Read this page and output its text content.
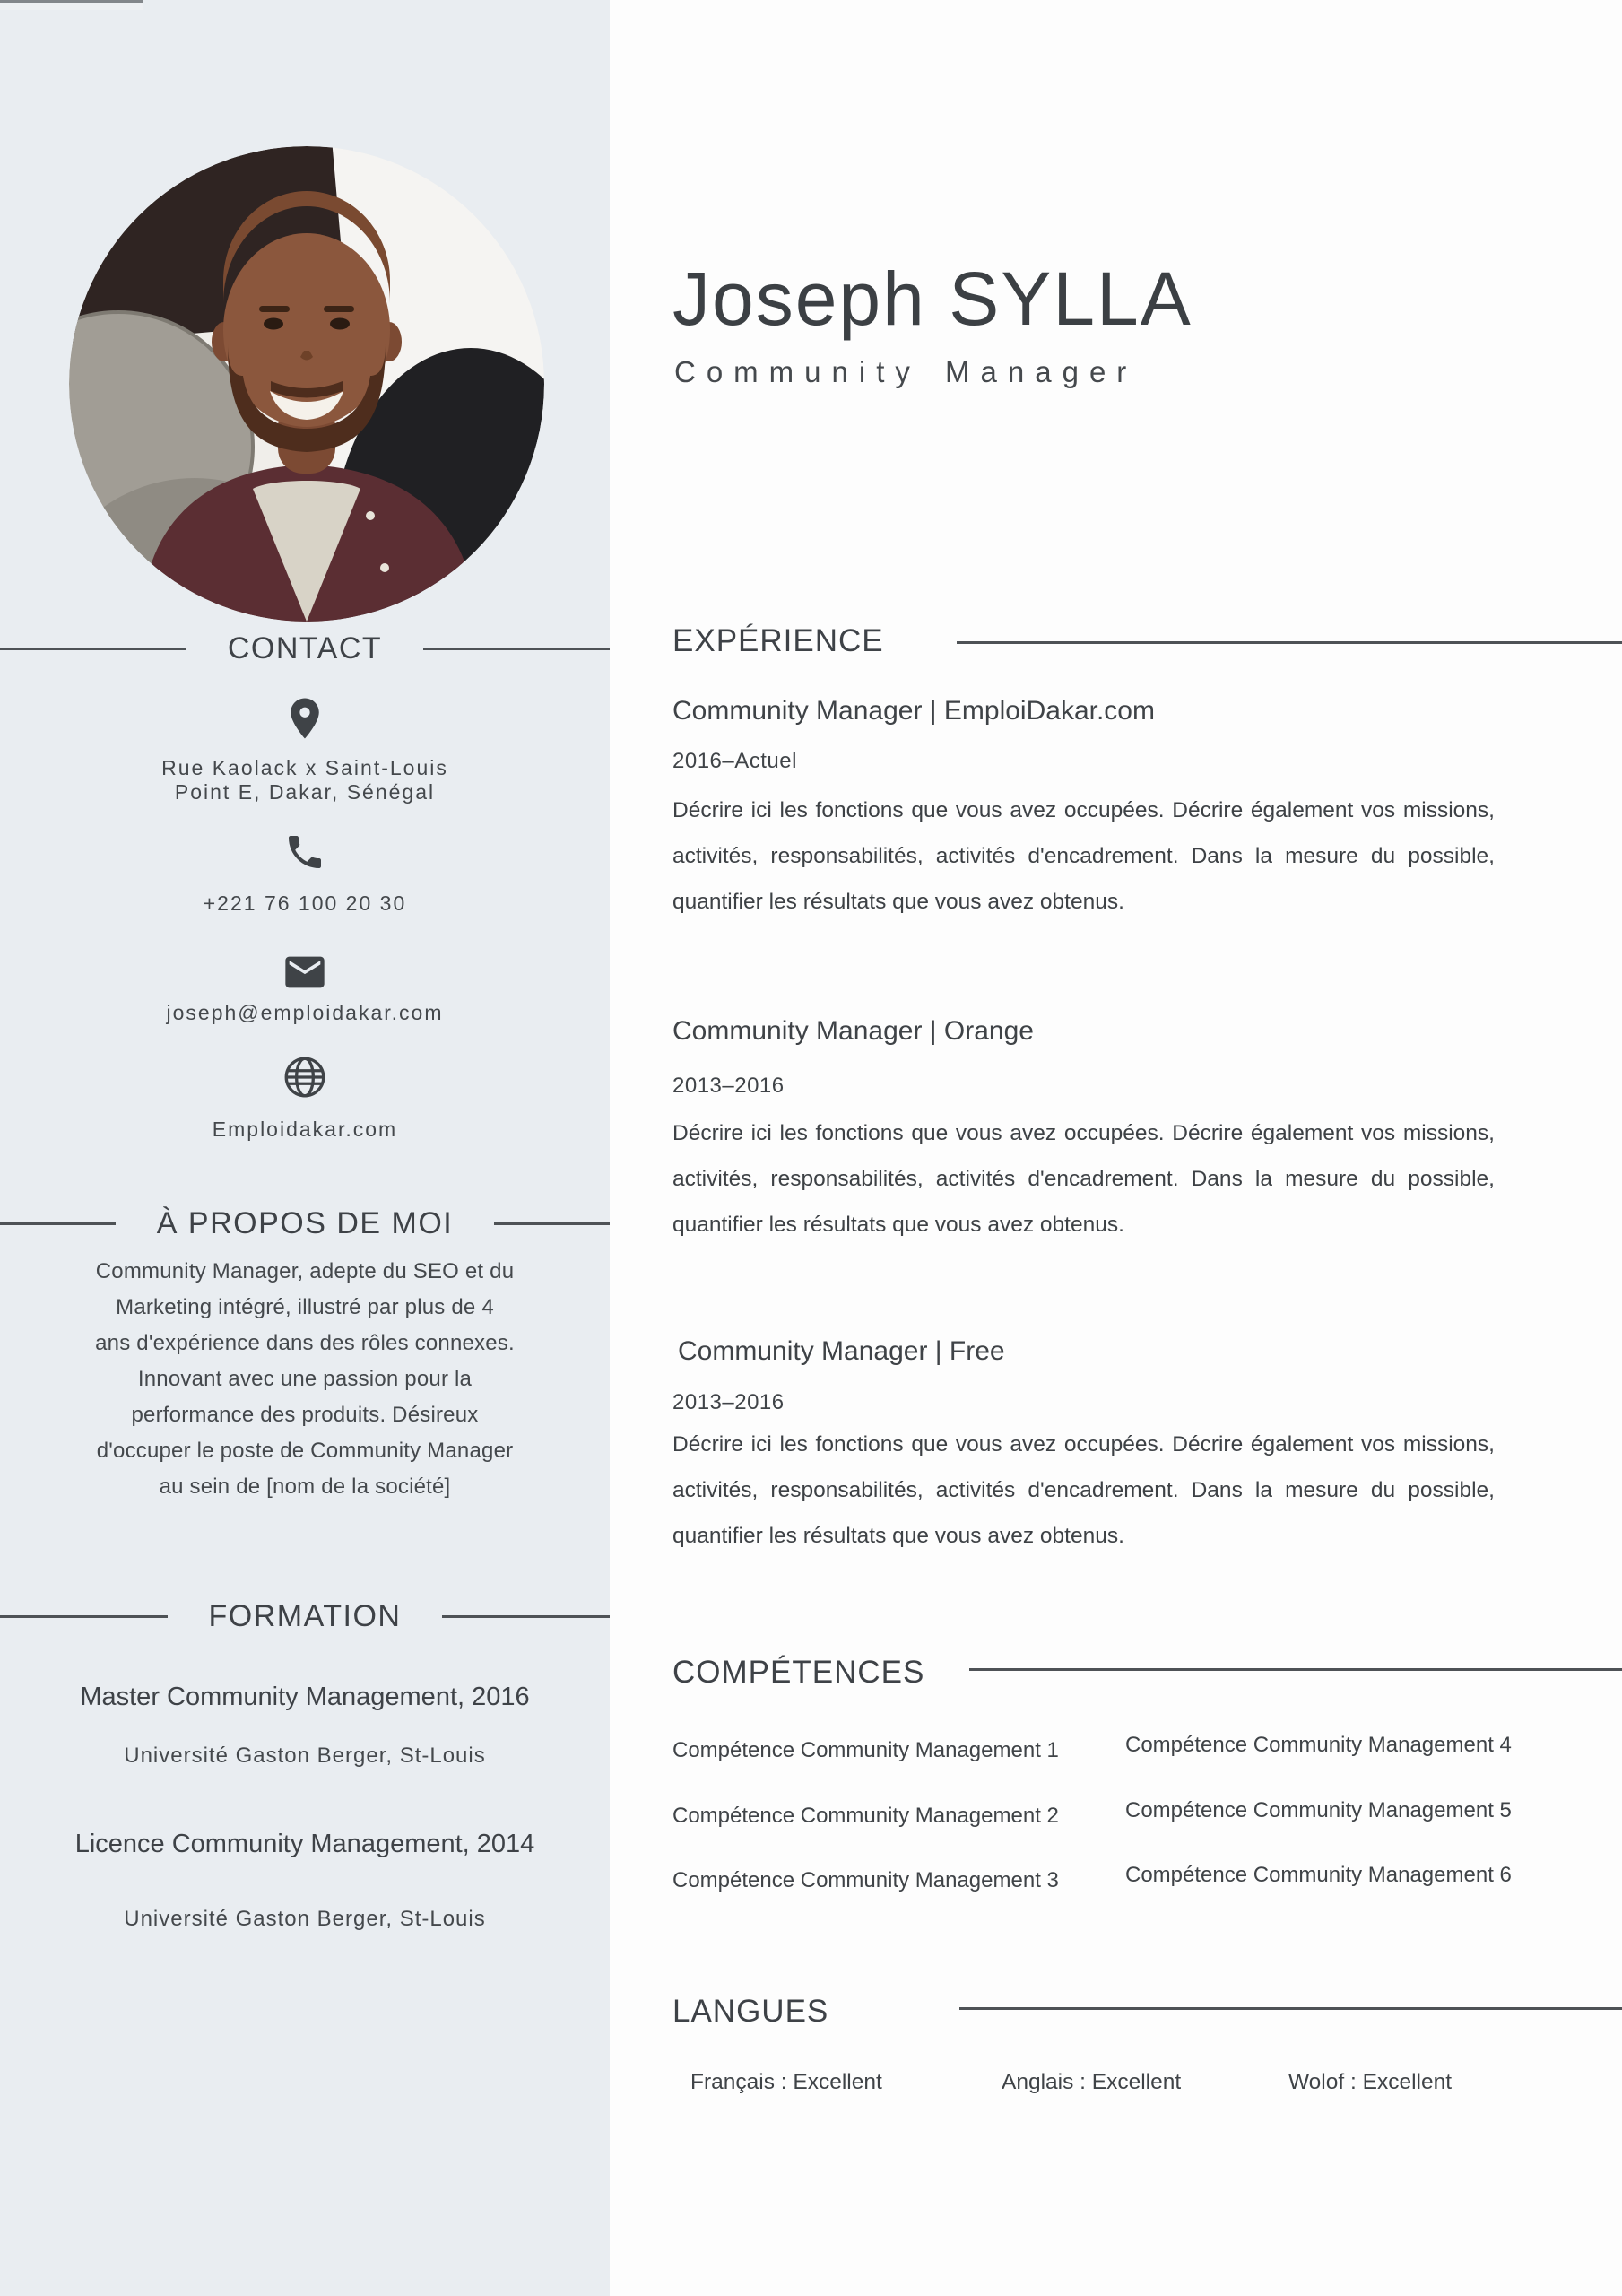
CONTACT
Rue Kaolack x Saint-Louis
Point E, Dakar, Sénégal
+221 76 100 20 30
joseph@emploidakar.com
Emploidakar.com
À PROPOS DE MOI
Community Manager, adepte du SEO et du
Marketing intégré, illustré par plus de 4
ans d'expérience dans des rôles connexes.
Innovant avec une passion pour la
performance des produits. Désireux
d'occuper le poste de Community Manager
au sein de [nom de la société]
FORMATION
Master Community Management, 2016
Université Gaston Berger, St-Louis
Licence Community Management, 2014
Université Gaston Berger, St-Louis
Joseph SYLLA
Community Manager
EXPÉRIENCE
Community Manager | EmploiDakar.com
2016–Actuel

Décrire ici les fonctions que vous avez occupées. Décrire également vos missions, activités, responsabilités, activités d'encadrement. Dans la mesure du possible, quantifier les résultats que vous avez obtenus.

Community Manager | Orange
2013–2016

Décrire ici les fonctions que vous avez occupées. Décrire également vos missions, activités, responsabilités, activités d'encadrement. Dans la mesure du possible, quantifier les résultats que vous avez obtenus.

Community Manager | Free
2013–2016

Décrire ici les fonctions que vous avez occupées. Décrire également vos missions, activités, responsabilités, activités d'encadrement. Dans la mesure du possible, quantifier les résultats que vous avez obtenus.

COMPÉTENCES
Compétence Community Management 1
Compétence Community Management 2
Compétence Community Management 3
Compétence Community Management 4
Compétence Community Management 5
Compétence Community Management 6
LANGUES
Français : Excellent	Anglais : Excellent	Wolof : Excellent
